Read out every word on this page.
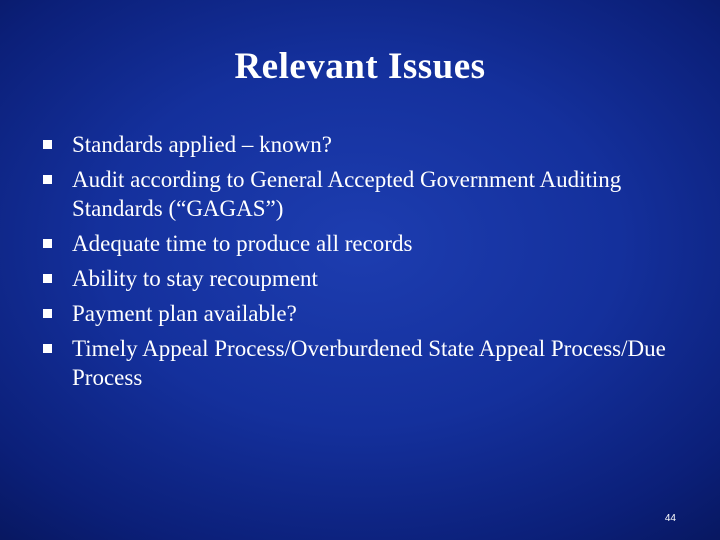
Relevant Issues
Standards applied – known?
Audit according to General Accepted Government Auditing Standards (“GAGAS”)
Adequate time to produce all records
Ability to stay recoupment
Payment plan available?
Timely Appeal Process/Overburdened State Appeal Process/Due Process
44
